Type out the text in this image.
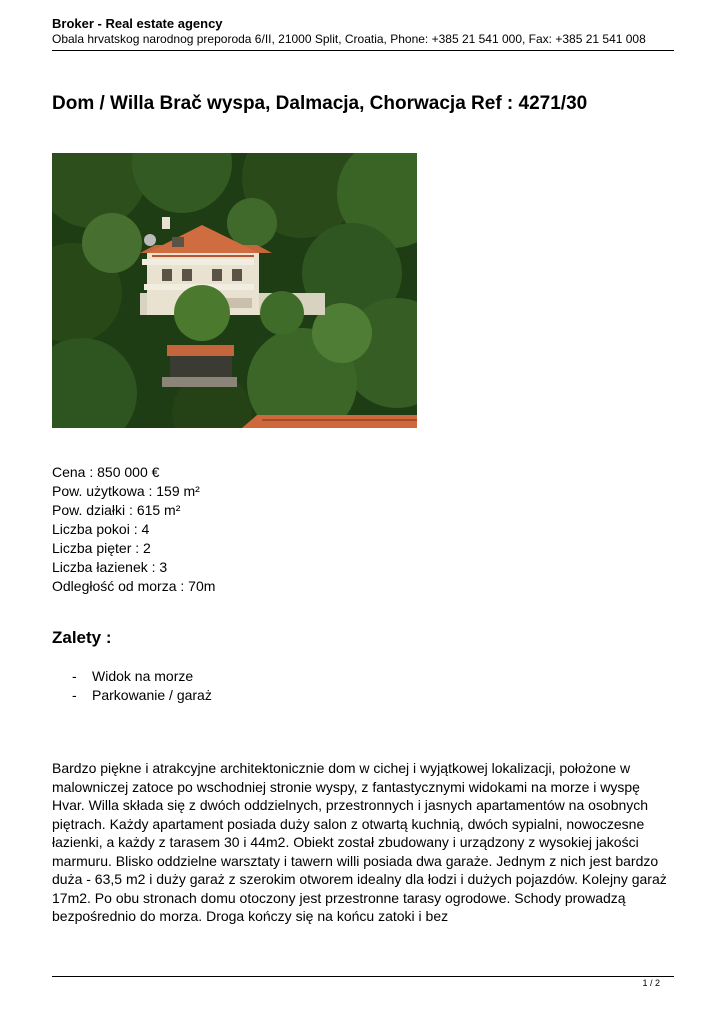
Broker - Real estate agency
Obala hrvatskog narodnog preporoda 6/II, 21000 Split, Croatia, Phone: +385 21 541 000, Fax: +385 21 541 008
Dom / Willa Brač wyspa, Dalmacja, Chorwacja Ref : 4271/30
Cena : 850 000 €
Pow. użytkowa : 159 m²
Pow. działki : 615 m²
Liczba pokoi : 4
Liczba pięter : 2
Liczba łazienek : 3
Odległość od morza : 70m
Zalety :
- Widok na morze
- Parkowanie / garaż

Bardzo piękne i atrakcyjne architektonicznie dom w cichej i wyjątkowej lokalizacji, położone w malowniczej zatoce po wschodniej stronie wyspy, z fantastycznymi widokami na morze i wyspę Hvar. Willa składa się z dwóch oddzielnych, przestronnych i jasnych apartamentów na osobnych piętrach. Każdy apartament posiada duży salon z otwartą kuchnią, dwóch sypialni, nowoczesne łazienki, a każdy z tarasem 30 i 44m2. Obiekt został zbudowany i urządzony z wysokiej jakości marmuru. Blisko oddzielne warsztaty i tawern willi posiada dwa garaże. Jednym z nich jest bardzo duża - 63,5 m2 i duży garaż z szerokim otworem idealny dla łodzi i dużych pojazdów. Kolejny garaż 17m2. Po obu stronach domu otoczony jest przestronne tarasy ogrodowe. Schody prowadzą bezpośrednio do morza. Droga kończy się na końcu zatoki i bez

1 / 2
